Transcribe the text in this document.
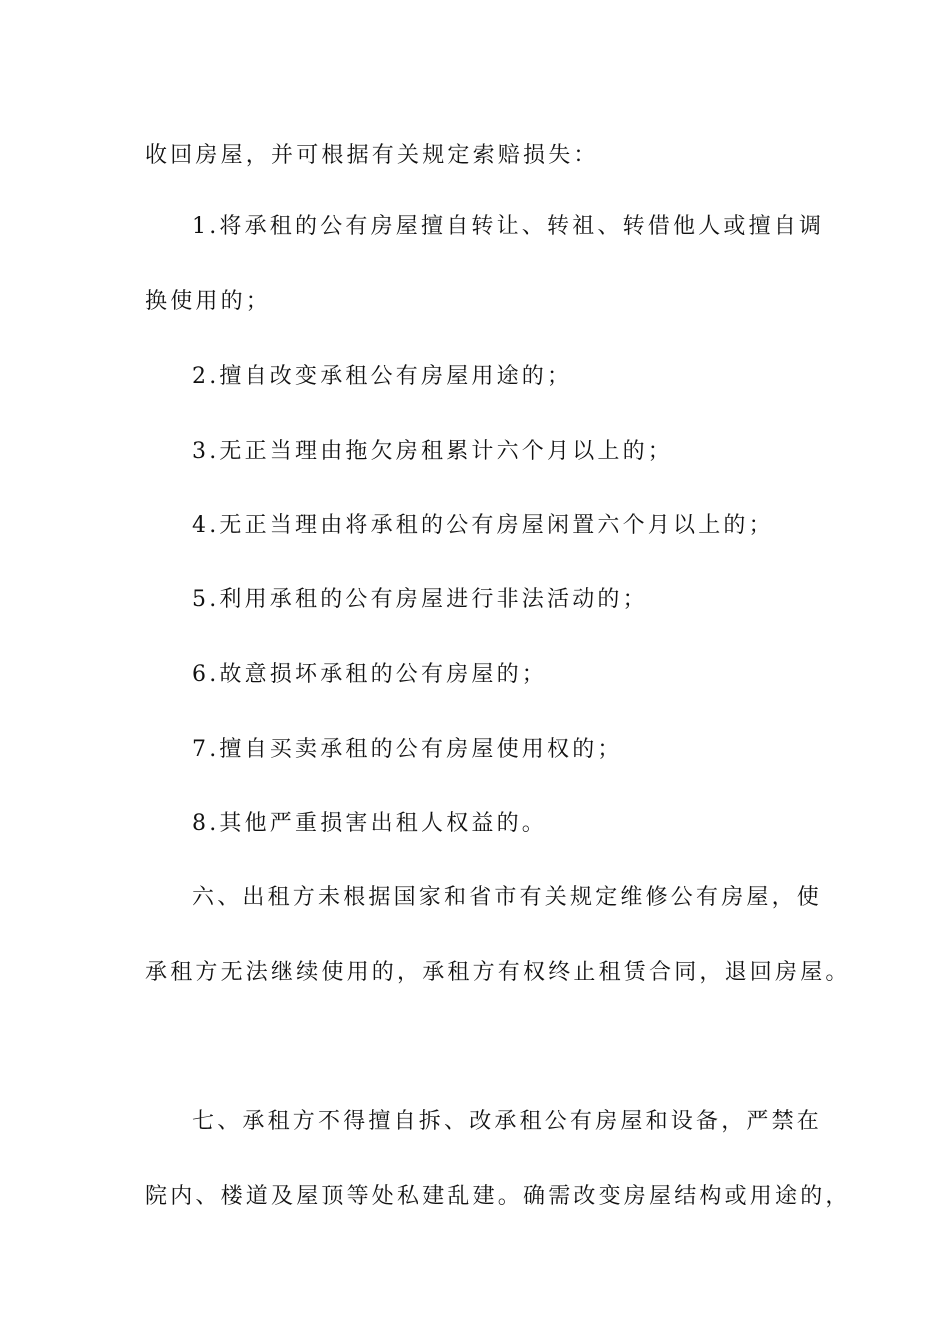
收回房屋，并可根据有关规定索赔损失：

1.将承租的公有房屋擅自转让、转祖、转借他人或擅自调

换使用的；

2.擅自改变承租公有房屋用途的；

3.无正当理由拖欠房租累计六个月以上的；

4.无正当理由将承租的公有房屋闲置六个月以上的；

5.利用承租的公有房屋进行非法活动的；

6.故意损坏承租的公有房屋的；

7.擅自买卖承租的公有房屋使用权的；

8.其他严重损害出租人权益的。

六、出租方未根据国家和省市有关规定维修公有房屋，使

承租方无法继续使用的，承租方有权终止租赁合同，退回房屋。

七、承租方不得擅自拆、改承租公有房屋和设备，严禁在

院内、楼道及屋顶等处私建乱建。确需改变房屋结构或用途的，
